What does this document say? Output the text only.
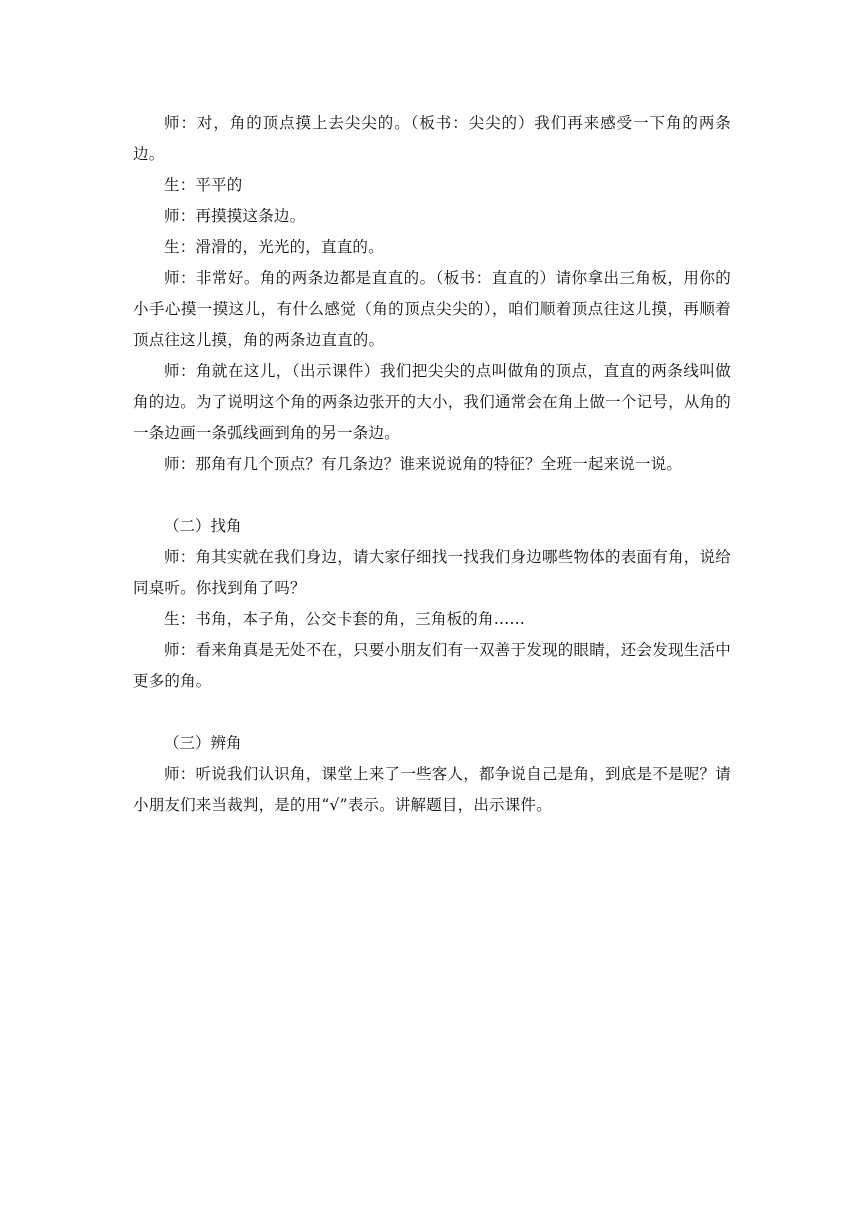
师：对，角的顶点摸上去尖尖的。（板书：尖尖的）我们再来感受一下角的两条边。

生：平平的

师：再摸摸这条边。

生：滑滑的，光光的，直直的。

师：非常好。角的两条边都是直直的。（板书：直直的）请你拿出三角板，用你的小手心摸一摸这儿，有什么感觉（角的顶点尖尖的），咱们顺着顶点往这儿摸，再顺着顶点往这儿摸，角的两条边直直的。

师：角就在这儿，（出示课件）我们把尖尖的点叫做角的顶点，直直的两条线叫做角的边。为了说明这个角的两条边张开的大小，我们通常会在角上做一个记号，从角的一条边画一条弧线画到角的另一条边。

师：那角有几个顶点？有几条边？谁来说说角的特征？全班一起来说一说。

（二）找角

师：角其实就在我们身边，请大家仔细找一找我们身边哪些物体的表面有角，说给同桌听。你找到角了吗？

生：书角，本子角，公交卡套的角，三角板的角……

师：看来角真是无处不在，只要小朋友们有一双善于发现的眼睛，还会发现生活中更多的角。

（三）辨角

师：听说我们认识角，课堂上来了一些客人，都争说自己是角，到底是不是呢？请小朋友们来当裁判，是的用“√”表示。讲解题目，出示课件。
